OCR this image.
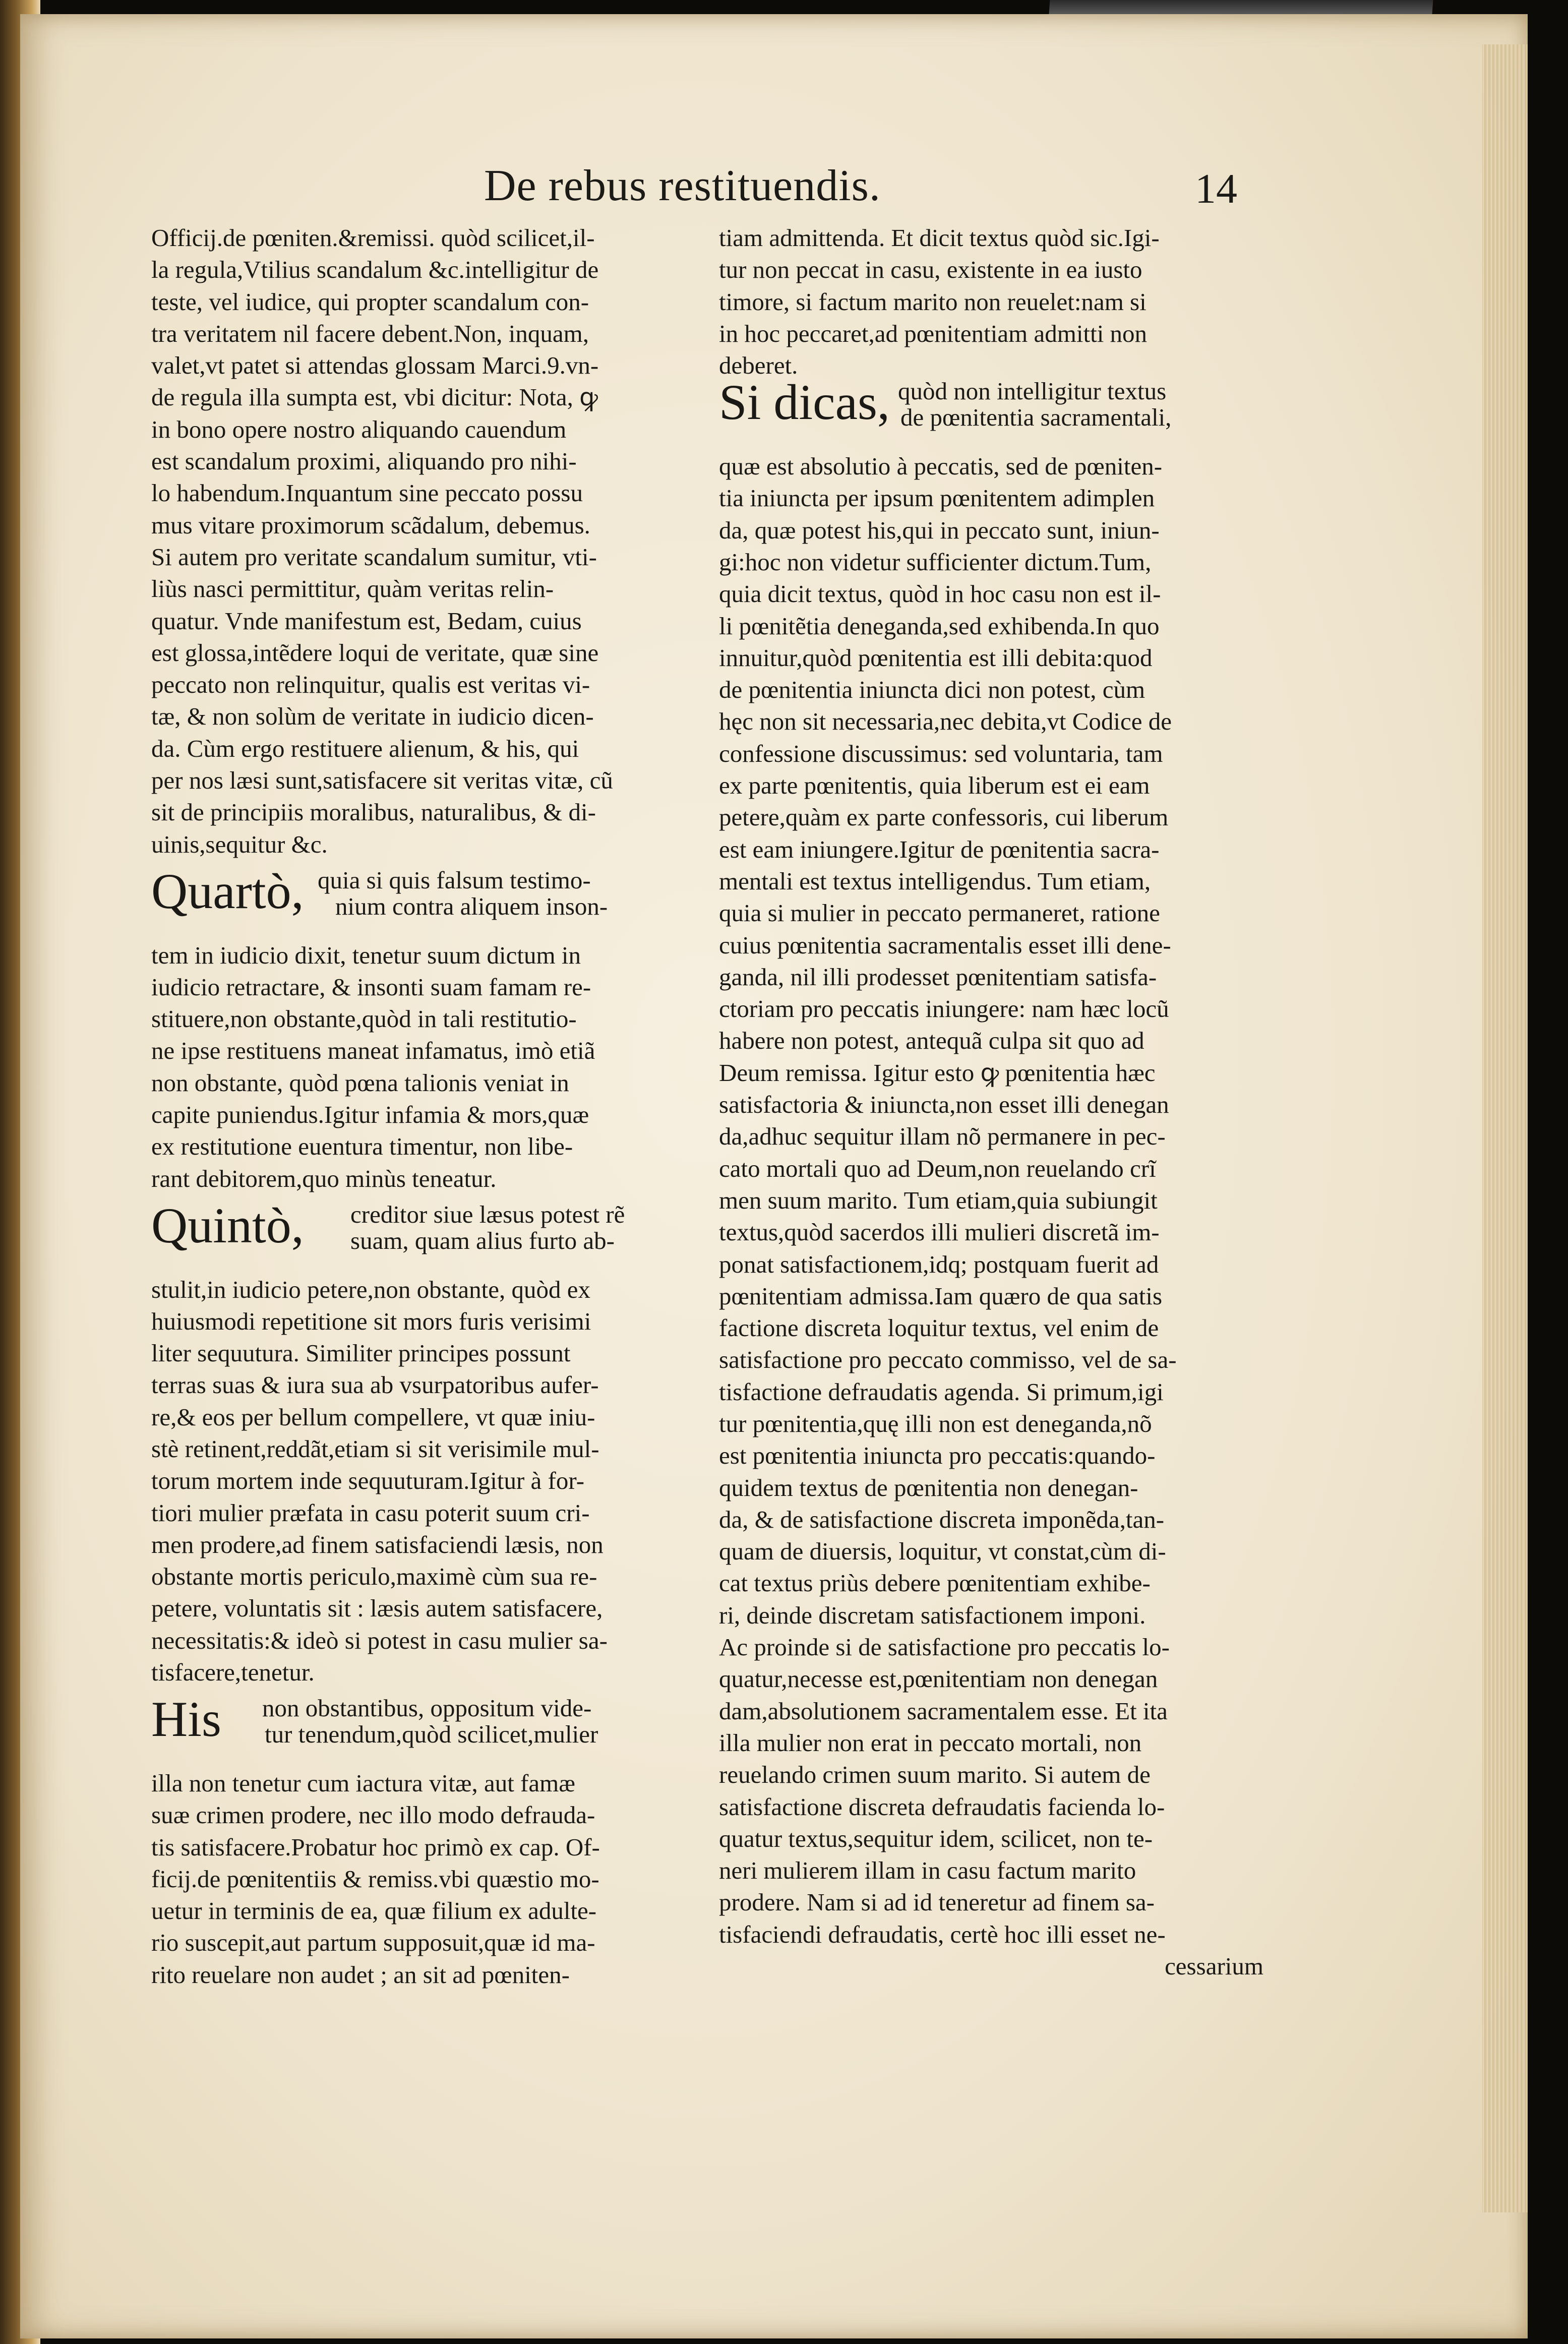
De rebus restituendis.	14
Officij.de pœniten.&remissi. quòd scilicet,il-
la regula,Vtilius scandalum &c.intelligitur de
teste, vel iudice, qui propter scandalum con-
tra veritatem nil facere debent.Non, inquam,
valet,vt patet si attendas glossam Marci.9.vn-
de regula illa sumpta est, vbi dicitur: Nota, ꝙ
in bono opere nostro aliquando cauendum
est scandalum proximi, aliquando pro nihi-
lo habendum.Inquantum sine peccato possu
mus vitare proximorum scãdalum, debemus.
Si autem pro veritate scandalum sumitur, vti-
liùs nasci permittitur, quàm veritas relin-
quatur. Vnde manifestum est, Bedam, cuius
est glossa,intẽdere loqui de veritate, quæ sine
peccato non relinquitur, qualis est veritas vi-
tæ, & non solùm de veritate in iudicio dicen-
da. Cùm ergo restituere alienum, & his, qui
per nos læsi sunt,satisfacere sit veritas vitæ, cũ
sit de principiis moralibus, naturalibus, & di-
uinis,sequitur &c.
Quartò, quia si quis falsum testimo-
nium contra aliquem inson-
tem in iudicio dixit, tenetur suum dictum in
iudicio retractare, & insonti suam famam re-
stituere,non obstante,quòd in tali restitutio-
ne ipse restituens maneat infamatus, imò etiã
non obstante, quòd pœna talionis veniat in
capite puniendus.Igitur infamia & mors,quæ
ex restitutione euentura timentur, non libe-
rant debitorem,quo minùs teneatur.
Quintò, creditor siue læsus potest rẽ
suam, quam alius furto ab-
stulit,in iudicio petere,non obstante, quòd ex
huiusmodi repetitione sit mors furis verisimi
liter sequutura. Similiter principes possunt
terras suas & iura sua ab vsurpatoribus aufer-
re,& eos per bellum compellere, vt quæ iniu-
stè retinent,reddãt,etiam si sit verisimile mul-
torum mortem inde sequuturam.Igitur à for-
tiori mulier præfata in casu poterit suum cri-
men prodere,ad finem satisfaciendi læsis, non
obstante mortis periculo,maximè cùm sua re-
petere, voluntatis sit : læsis autem satisfacere,
necessitatis:& ideò si potest in casu mulier sa-
tisfacere,tenetur.
His non obstantibus, oppositum vide-
tur tenendum,quòd scilicet,mulier
illa non tenetur cum iactura vitæ, aut famæ
suæ crimen prodere, nec illo modo defrauda-
tis satisfacere.Probatur hoc primò ex cap. Of-
ficij.de pœnitentiis & remiss.vbi quæstio mo-
uetur in terminis de ea, quæ filium ex adulte-
rio suscepit,aut partum supposuit,quæ id ma-
rito reuelare non audet ; an sit ad pœniten-
tiam admittenda. Et dicit textus quòd sic.Igi-
tur non peccat in casu, existente in ea iusto
timore, si factum marito non reuelet:nam si
in hoc peccaret,ad pœnitentiam admitti non
deberet.
Si dicas, quòd non intelligitur textus
de pœnitentia sacramentali,
quæ est absolutio à peccatis, sed de pœniten-
tia iniuncta per ipsum pœnitentem adimplen
da, quæ potest his,qui in peccato sunt, iniun-
gi:hoc non videtur sufficienter dictum.Tum,
quia dicit textus, quòd in hoc casu non est il-
li pœnitẽtia deneganda,sed exhibenda.In quo
innuitur,quòd pœnitentia est illi debita:quod
de pœnitentia iniuncta dici non potest, cùm
hęc non sit necessaria,nec debita,vt Codice de
confessione discussimus: sed voluntaria, tam
ex parte pœnitentis, quia liberum est ei eam
petere,quàm ex parte confessoris, cui liberum
est eam iniungere.Igitur de pœnitentia sacra-
mentali est textus intelligendus. Tum etiam,
quia si mulier in peccato permaneret, ratione
cuius pœnitentia sacramentalis esset illi dene-
ganda, nil illi prodesset pœnitentiam satisfa-
ctoriam pro peccatis iniungere: nam hæc locũ
habere non potest, antequã culpa sit quo ad
Deum remissa. Igitur esto ꝙ pœnitentia hæc
satisfactoria & iniuncta,non esset illi denegan
da,adhuc sequitur illam nõ permanere in pec-
cato mortali quo ad Deum,non reuelando crĩ
men suum marito. Tum etiam,quia subiungit
textus,quòd sacerdos illi mulieri discretã im-
ponat satisfactionem,idq; postquam fuerit ad
pœnitentiam admissa.Iam quæro de qua satis
factione discreta loquitur textus, vel enim de
satisfactione pro peccato commisso, vel de sa-
tisfactione defraudatis agenda. Si primum,igi
tur pœnitentia,quę illi non est deneganda,nõ
est pœnitentia iniuncta pro peccatis:quando-
quidem textus de pœnitentia non denegan-
da, & de satisfactione discreta imponẽda,tan-
quam de diuersis, loquitur, vt constat,cùm di-
cat textus priùs debere pœnitentiam exhibe-
ri, deinde discretam satisfactionem imponi.
Ac proinde si de satisfactione pro peccatis lo-
quatur,necesse est,pœnitentiam non denegan
dam,absolutionem sacramentalem esse. Et ita
illa mulier non erat in peccato mortali, non
reuelando crimen suum marito. Si autem de
satisfactione discreta defraudatis facienda lo-
quatur textus,sequitur idem, scilicet, non te-
neri mulierem illam in casu factum marito
prodere. Nam si ad id teneretur ad finem sa-
tisfaciendi defraudatis, certè hoc illi esset ne-
cessarium
